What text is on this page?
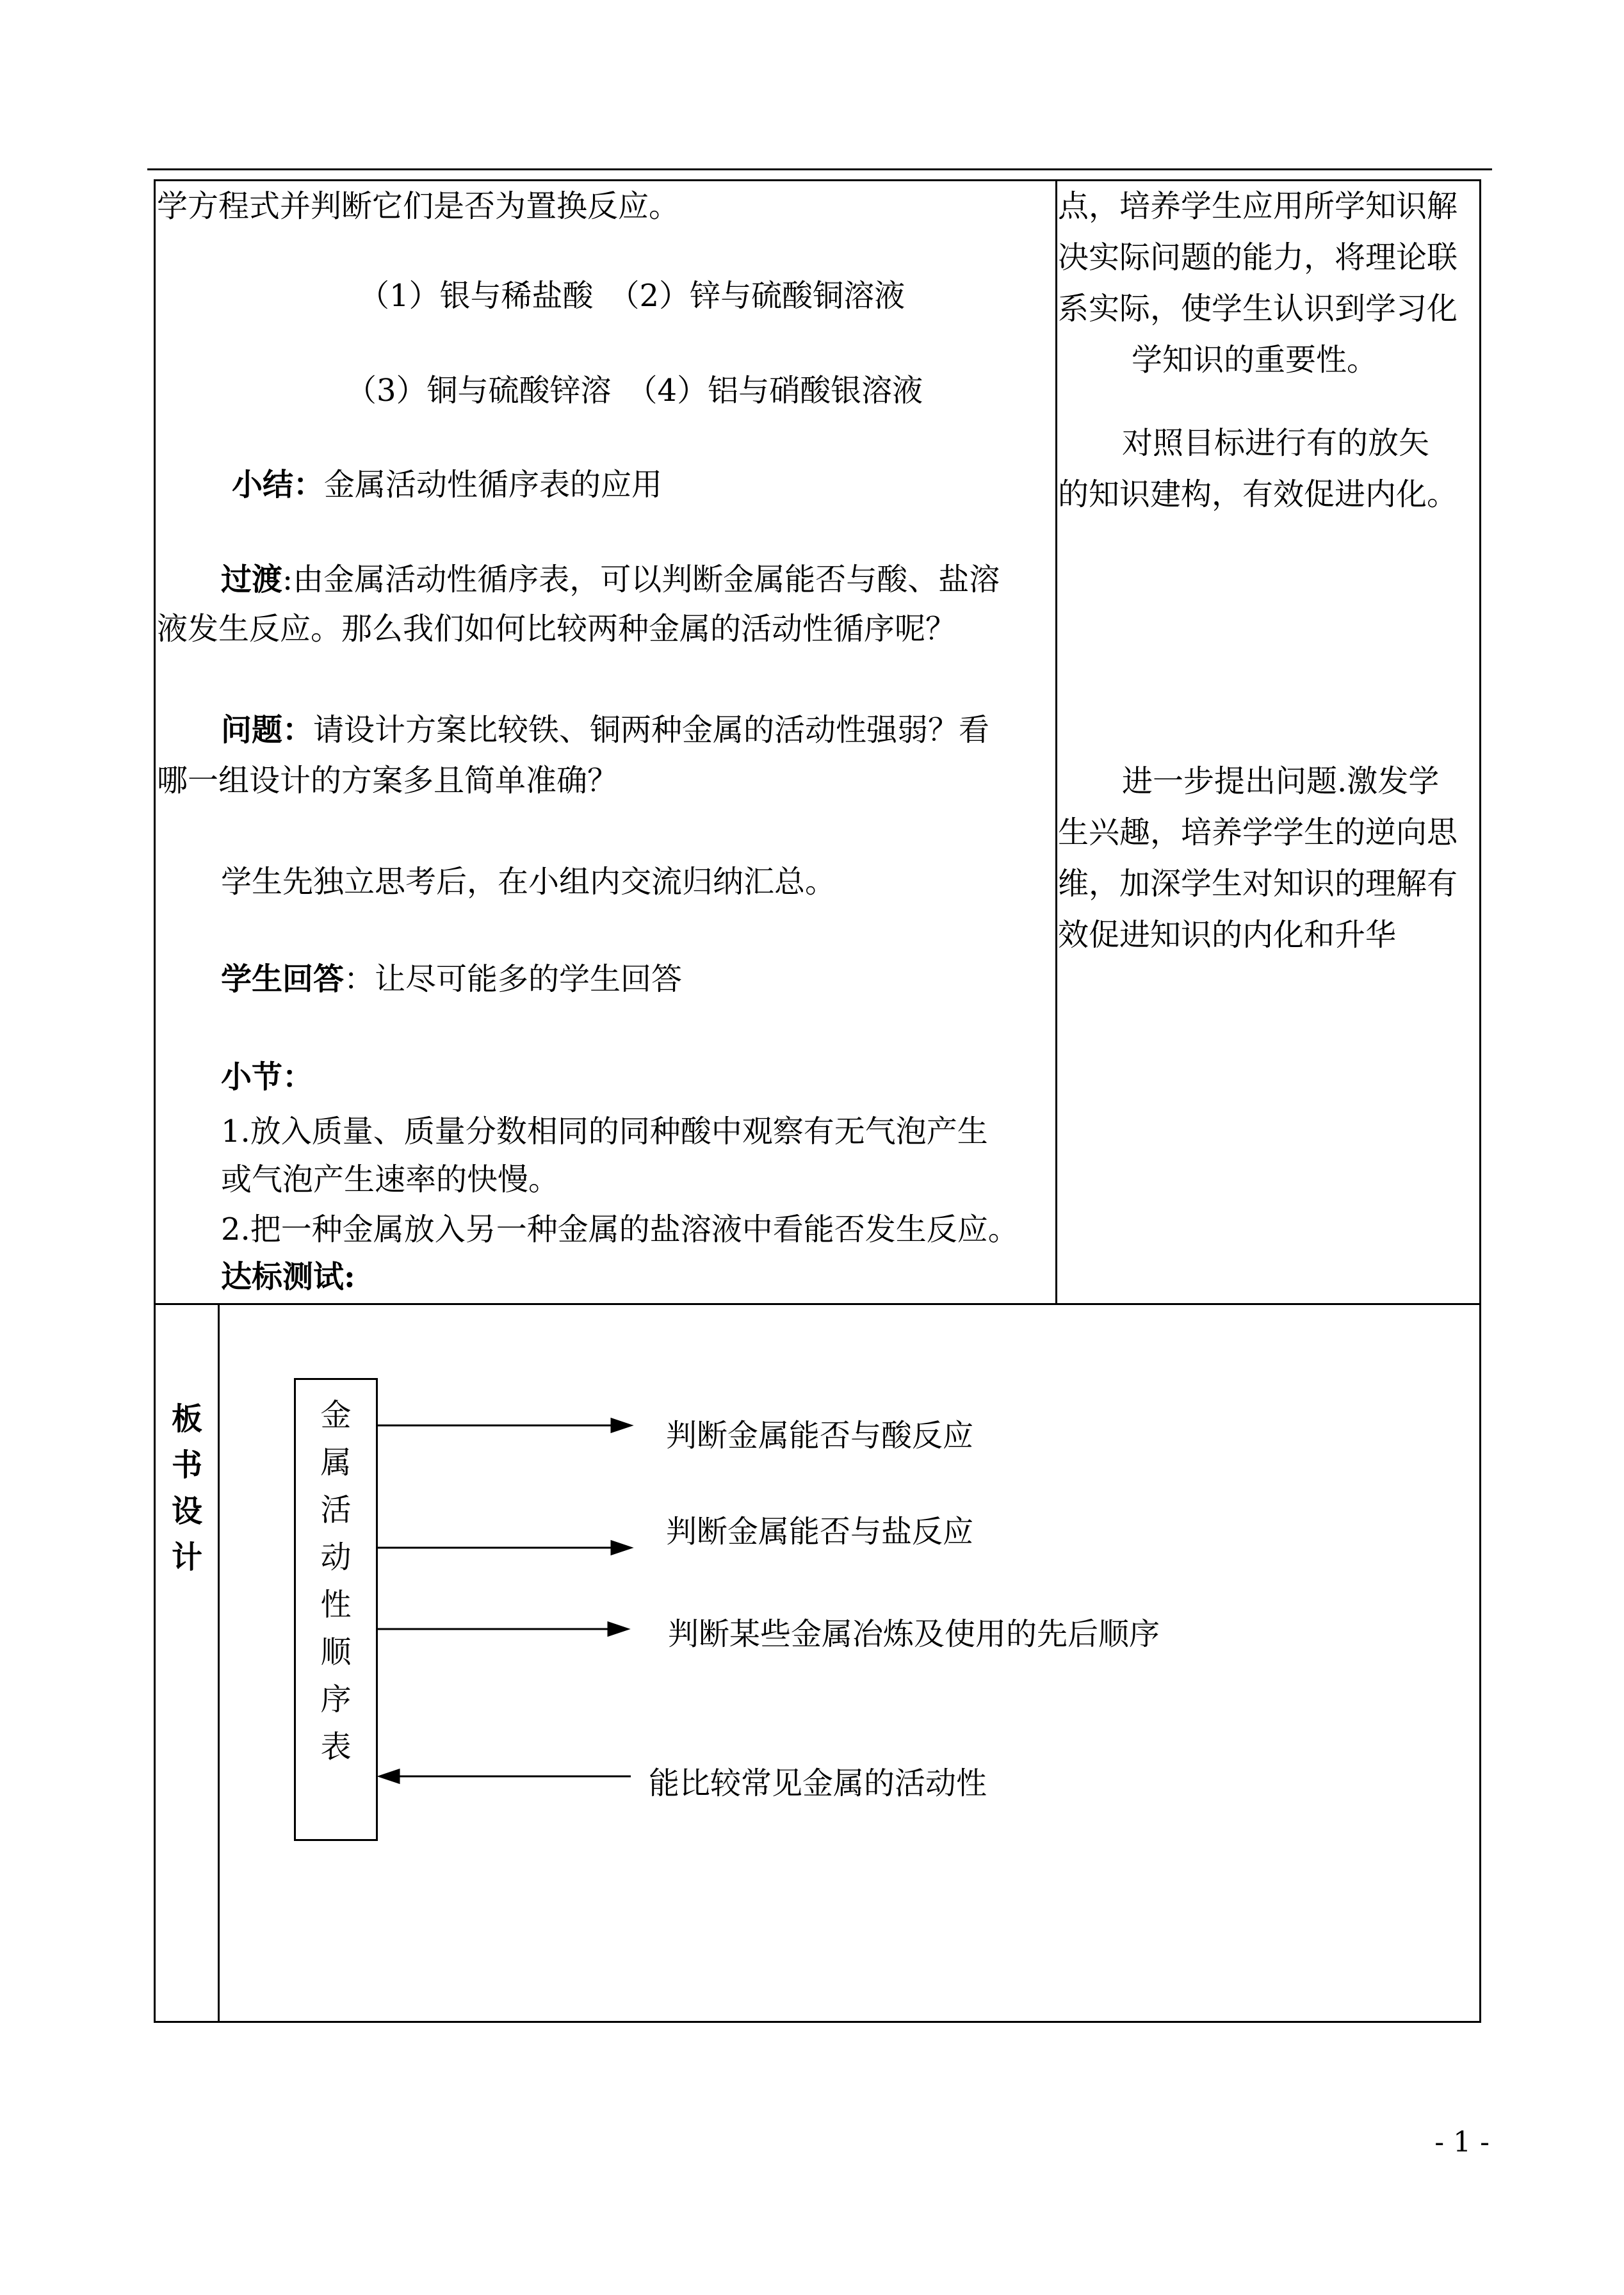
学方程式并判断它们是否为置换反应。
（1）银与稀盐酸　（2）锌与硫酸铜溶液
（3）铜与硫酸锌溶　（4）铝与硝酸银溶液
小结：金属活动性循序表的应用
过渡:由金属活动性循序表，可以判断金属能否与酸、盐溶
液发生反应。那么我们如何比较两种金属的活动性循序呢？
问题：请设计方案比较铁、铜两种金属的活动性强弱？看
哪一组设计的方案多且简单准确？
学生先独立思考后，在小组内交流归纳汇总。
学生回答：让尽可能多的学生回答
小节：
1.放入质量、质量分数相同的同种酸中观察有无气泡产生
或气泡产生速率的快慢。
2.把一种金属放入另一种金属的盐溶液中看能否发生反应。
达标测试:
点，培养学生应用所学知识解
决实际问题的能力，将理论联
系实际，使学生认识到学习化
学知识的重要性。
对照目标进行有的放矢
的知识建构，有效促进内化。
进一步提出问题.激发学
生兴趣，培养学学生的逆向思
维，加深学生对知识的理解有
效促进知识的内化和升华
板
书
设
计
金
属
活
动
性
顺
序
表
判断金属能否与酸反应
判断金属能否与盐反应
判断某些金属冶炼及使用的先后顺序
能比较常见金属的活动性
- 1 -
